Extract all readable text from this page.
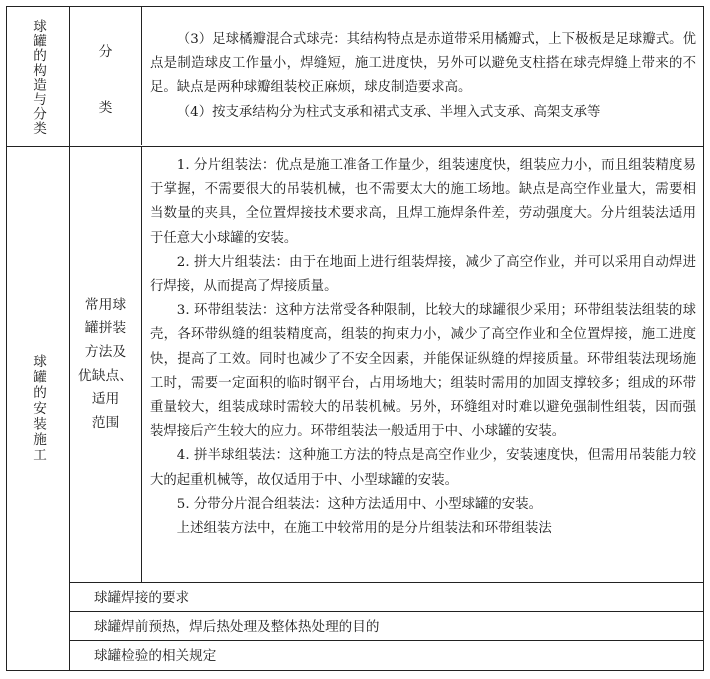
球罐的构造与分类	分
类

（3）足球橘瓣混合式球壳：其结构特点是赤道带采用橘瓣式，上下极板是足球瓣式。优点是制造球皮工作量小，焊缝短，施工进度快，另外可以避免支柱搭在球壳焊缝上带来的不足。缺点是两种球瓣组装校正麻烦，球皮制造要求高。

（4）按支承结构分为柱式支承和裙式支承、半埋入式支承、高架支承等

球罐的安装施工
常用球
罐拼装
方法及
优缺点、
适用
范围

1. 分片组装法：优点是施工准备工作量少，组装速度快，组装应力小，而且组装精度易于掌握，不需要很大的吊装机械，也不需要太大的施工场地。缺点是高空作业量大，需要相当数量的夹具，全位置焊接技术要求高，且焊工施焊条件差，劳动强度大。分片组装法适用于任意大小球罐的安装。

2. 拼大片组装法：由于在地面上进行组装焊接，减少了高空作业，并可以采用自动焊进行焊接，从而提高了焊接质量。

3. 环带组装法：这种方法常受各种限制，比较大的球罐很少采用；环带组装法组装的球壳，各环带纵缝的组装精度高，组装的拘束力小，减少了高空作业和全位置焊接，施工进度快，提高了工效。同时也减少了不安全因素，并能保证纵缝的焊接质量。环带组装法现场施工时，需要一定面积的临时钢平台，占用场地大；组装时需用的加固支撑较多；组成的环带重量较大，组装成球时需较大的吊装机械。另外，环缝组对时难以避免强制性组装，因而强装焊接后产生较大的应力。环带组装法一般适用于中、小球罐的安装。

4. 拼半球组装法：这种施工方法的特点是高空作业少，安装速度快，但需用吊装能力较大的起重机械等，故仅适用于中、小型球罐的安装。

5. 分带分片混合组装法：这种方法适用中、小型球罐的安装。

上述组装方法中，在施工中较常用的是分片组装法和环带组装法

球罐焊接的要求
球罐焊前预热，焊后热处理及整体热处理的目的
球罐检验的相关规定
